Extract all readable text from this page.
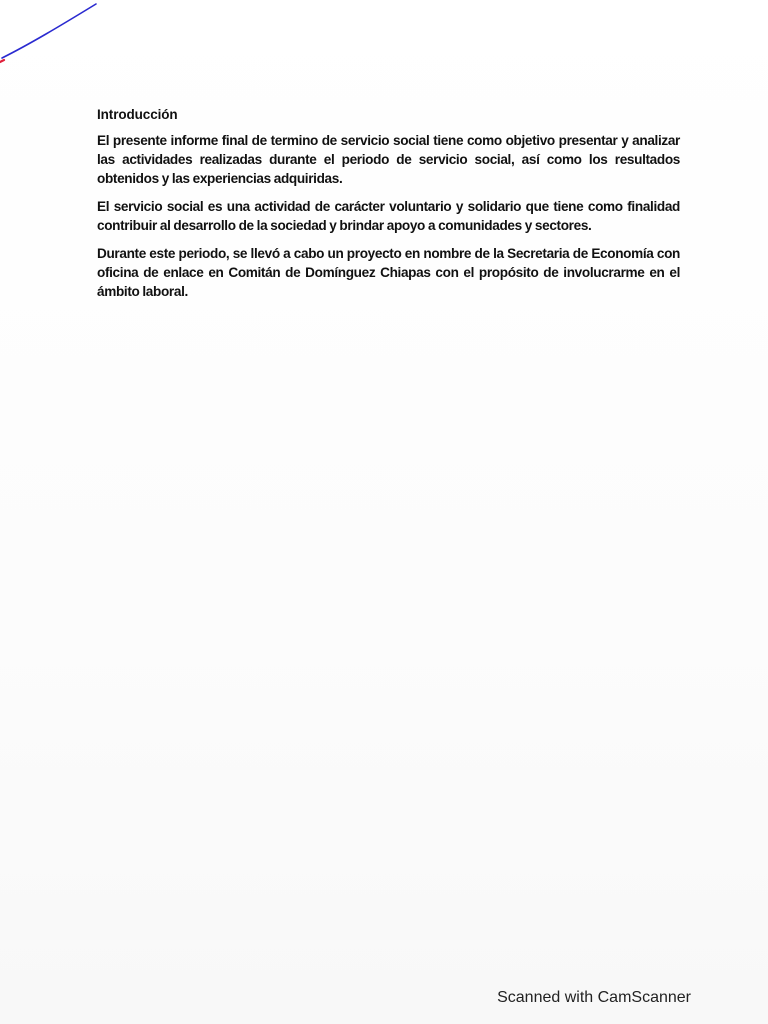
Introducción

El presente informe final de termino de servicio social tiene como objetivo presentar y analizar las actividades realizadas durante el periodo de servicio social, así como los resultados obtenidos y las experiencias adquiridas.

El servicio social es una actividad de carácter voluntario y solidario que tiene como finalidad contribuir al desarrollo de la sociedad y brindar apoyo a comunidades y sectores.

Durante este periodo, se llevó a cabo un proyecto en nombre de la Secretaria de Economía con oficina de enlace en Comitán de Domínguez Chiapas con el propósito de involucrarme en el ámbito laboral.

Scanned with CamScanner
